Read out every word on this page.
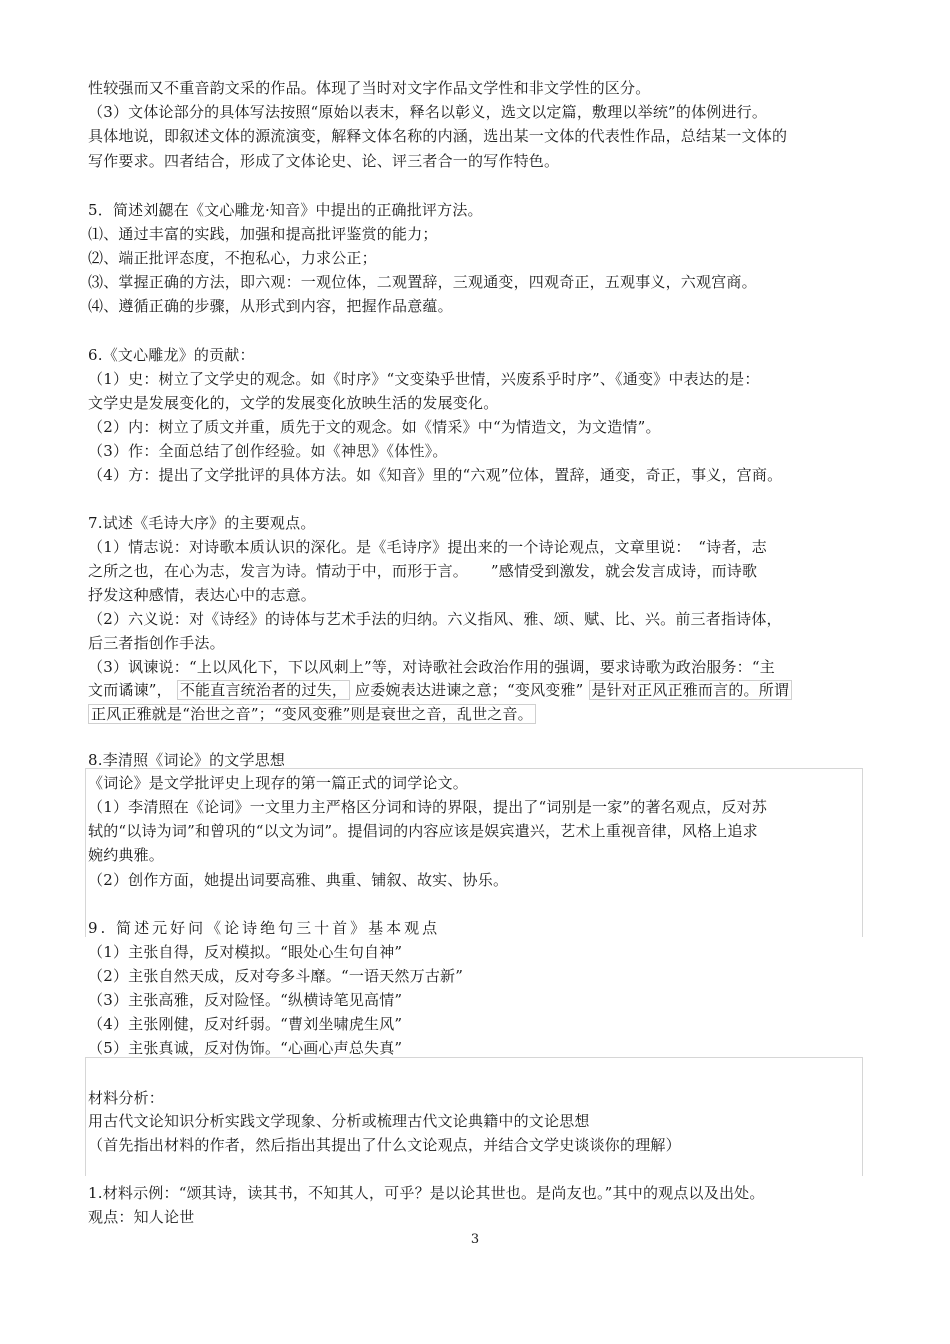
性较强而又不重音韵文采的作品。体现了当时对文字作品文学性和非文学性的区分。
（3）文体论部分的具体写法按照“原始以表末，释名以彰义，选文以定篇，敷理以举统”的体例进行。
具体地说，即叙述文体的源流演变，解释文体名称的内涵，选出某一文体的代表性作品，总结某一文体的
写作要求。四者结合，形成了文体论史、论、评三者合一的写作特色。
5．简述刘勰在《文心雕龙·知音》中提出的正确批评方法。
⑴、通过丰富的实践，加强和提高批评鉴赏的能力；
⑵、端正批评态度，不抱私心，力求公正；
⑶、掌握正确的方法，即六观：一观位体，二观置辞，三观通变，四观奇正，五观事义，六观宫商。
⑷、遵循正确的步骤，从形式到内容，把握作品意蕴。
6.《文心雕龙》的贡献：
（1）史：树立了文学史的观念。如《时序》“文变染乎世情，兴废系乎时序”、《通变》中表达的是：
文学史是发展变化的，文学的发展变化放映生活的发展变化。
（2）内：树立了质文并重，质先于文的观念。如《情采》中“为情造文，为文造情”。
（3）作：全面总结了创作经验。如《神思》《体性》。
（4）方：提出了文学批评的具体方法。如《知音》里的“六观”位体，置辞，通变，奇正，事义，宫商。
7.试述《毛诗大序》的主要观点。
（1）情志说：对诗歌本质认识的深化。是《毛诗序》提出来的一个诗论观点，文章里说：　“诗者，志
之所之也，在心为志，发言为诗。情动于中，而形于言。　　”感情受到激发，就会发言成诗，而诗歌
抒发这种感情，表达心中的志意。
（2）六义说：对《诗经》的诗体与艺术手法的归纳。六义指风、雅、颂、赋、比、兴。前三者指诗体，
后三者指创作手法。
（3）讽谏说：“上以风化下，下以风刺上”等，对诗歌社会政治作用的强调，要求诗歌为政治服务：“主
文而谲谏”， 不能直言统治者的过失， 应委婉表达进谏之意；“变风变雅” 是针对正风正雅而言的。所谓
正风正雅就是“治世之音”；“变风变雅”则是衰世之音，乱世之音。
8.李清照《词论》的文学思想
《词论》是文学批评史上现存的第一篇正式的词学论文。
（1）李清照在《论词》一文里力主严格区分词和诗的界限，提出了“词别是一家”的著名观点，反对苏
轼的“以诗为词”和曾巩的“以文为词”。提倡词的内容应该是娱宾遣兴，艺术上重视音律，风格上追求
婉约典雅。
（2）创作方面，她提出词要高雅、典重、铺叙、故实、协乐。
9. 简述元好问《论诗绝句三十首》基本观点
（1）主张自得，反对模拟。“眼处心生句自神”
（2）主张自然天成，反对夸多斗靡。“一语天然万古新”
（3）主张高雅，反对险怪。“纵横诗笔见高情”
（4）主张刚健，反对纤弱。“曹刘坐啸虎生风”
（5）主张真诚，反对伪饰。“心画心声总失真”
材料分析：
用古代文论知识分析实践文学现象、分析或梳理古代文论典籍中的文论思想
（首先指出材料的作者，然后指出其提出了什么文论观点，并结合文学史谈谈你的理解）
1.材料示例：“颂其诗，读其书，不知其人，可乎？是以论其世也。是尚友也。”其中的观点以及出处。
观点：知人论世
3
